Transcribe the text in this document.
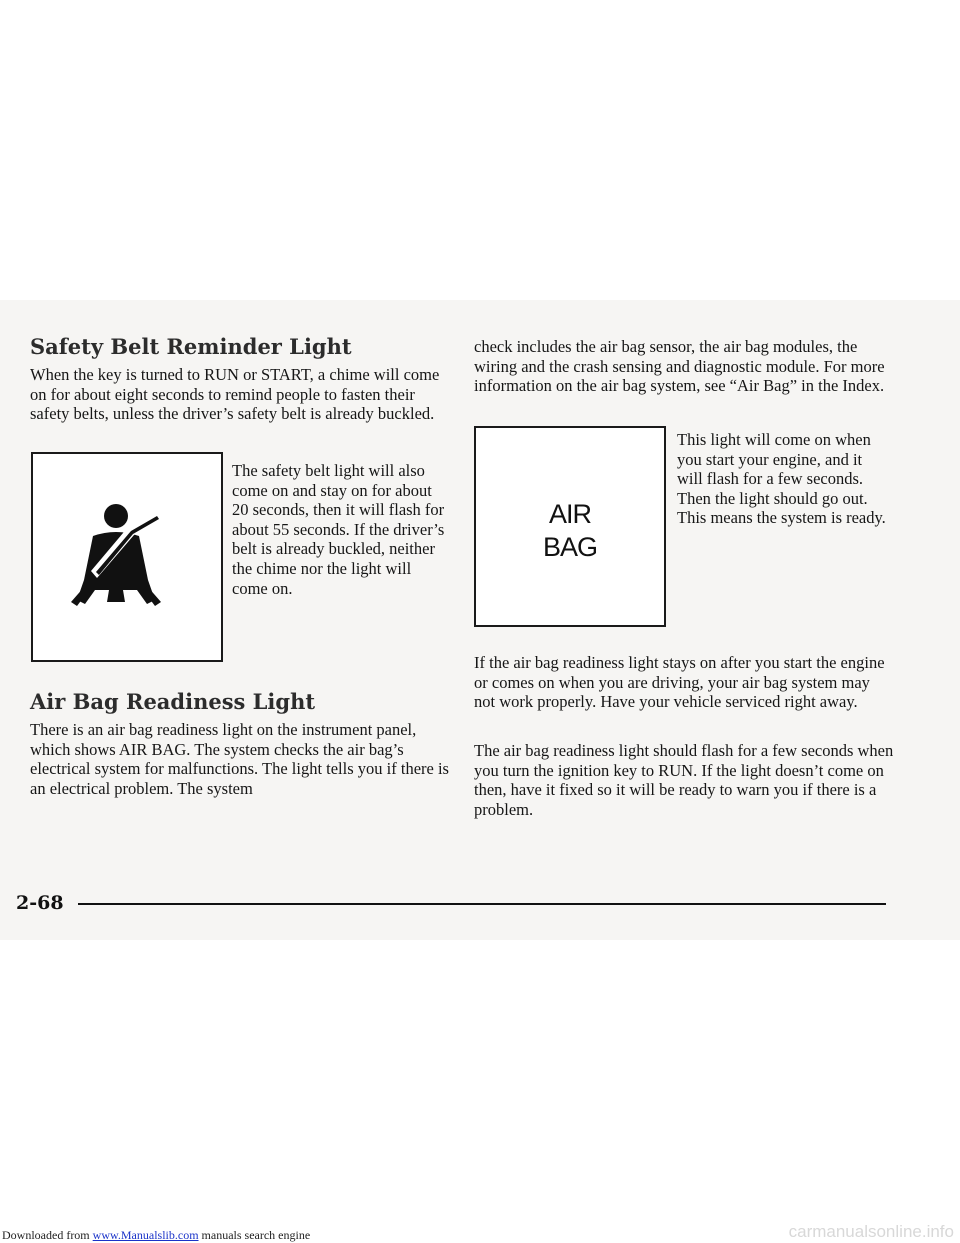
Safety Belt Reminder Light

When the key is turned to RUN or START, a chime will come on for about eight seconds to remind people to fasten their safety belts, unless the driver’s safety belt is already buckled.

The safety belt light will also come on and stay on for about 20 seconds, then it will flash for about 55 seconds. If the driver’s belt is already buckled, neither the chime nor the light will come on.

Air Bag Readiness Light

There is an air bag readiness light on the instrument panel, which shows AIR BAG. The system checks the air bag’s electrical system for malfunctions. The light tells you if there is an electrical problem. The system

check includes the air bag sensor, the air bag modules, the wiring and the crash sensing and diagnostic module. For more information on the air bag system, see “Air Bag” in the Index.

AIR
BAG

This light will come on when you start your engine, and it will flash for a few seconds. Then the light should go out. This means the system is ready.

If the air bag readiness light stays on after you start the engine or comes on when you are driving, your air bag system may not work properly. Have your vehicle serviced right away.

The air bag readiness light should flash for a few seconds when you turn the ignition key to RUN. If the light doesn’t come on then, have it fixed so it will be ready to warn you if there is a problem.

2-68
Downloaded from www.Manualslib.com manuals search engine	carmanualsonline.info
